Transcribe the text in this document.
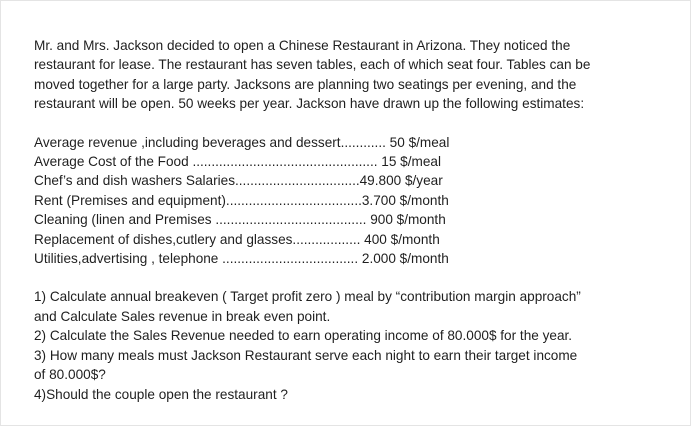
Mr. and Mrs. Jackson decided to open a Chinese Restaurant in Arizona. They noticed the
restaurant for lease. The restaurant has seven tables, each of which seat four. Tables can be
moved together for a large party. Jacksons are planning two seatings per evening, and the
restaurant will be open. 50 weeks per year. Jackson have drawn up the following estimates:

Average revenue ,including beverages and dessert............ 50 $/meal
Average Cost of the Food ................................................. 15 $/meal
Chef’s and dish washers Salaries.................................49.800 $/year
Rent (Premises and equipment)....................................3.700 $/month
Cleaning (linen and Premises ........................................ 900 $/month
Replacement of dishes,cutlery and glasses.................. 400 $/month
Utilities,advertising , telephone .................................... 2.000 $/month
1) Calculate annual breakeven ( Target profit zero ) meal by “contribution margin approach”
and Calculate Sales revenue in break even point.
2) Calculate the Sales Revenue needed to earn operating income of 80.000$ for the year.
3) How many meals must Jackson Restaurant serve each night to earn their target income
of 80.000$?
4)Should the couple open the restaurant ?
